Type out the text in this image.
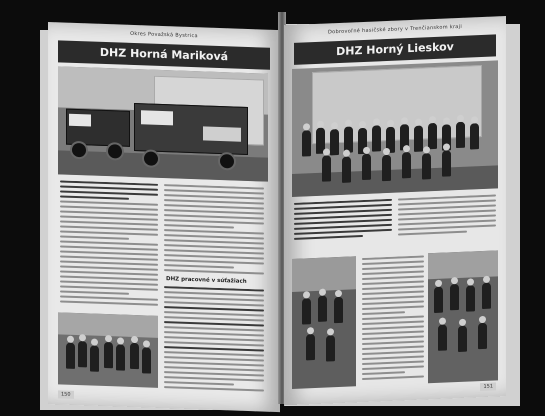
Okres Považská Bystrica
DHZ Horná Mariková
DHZ pracovné v súťažiach
150
Dobrovoľné hasičské zbory v Trenčianskom kraji
DHZ Horný Lieskov
151
